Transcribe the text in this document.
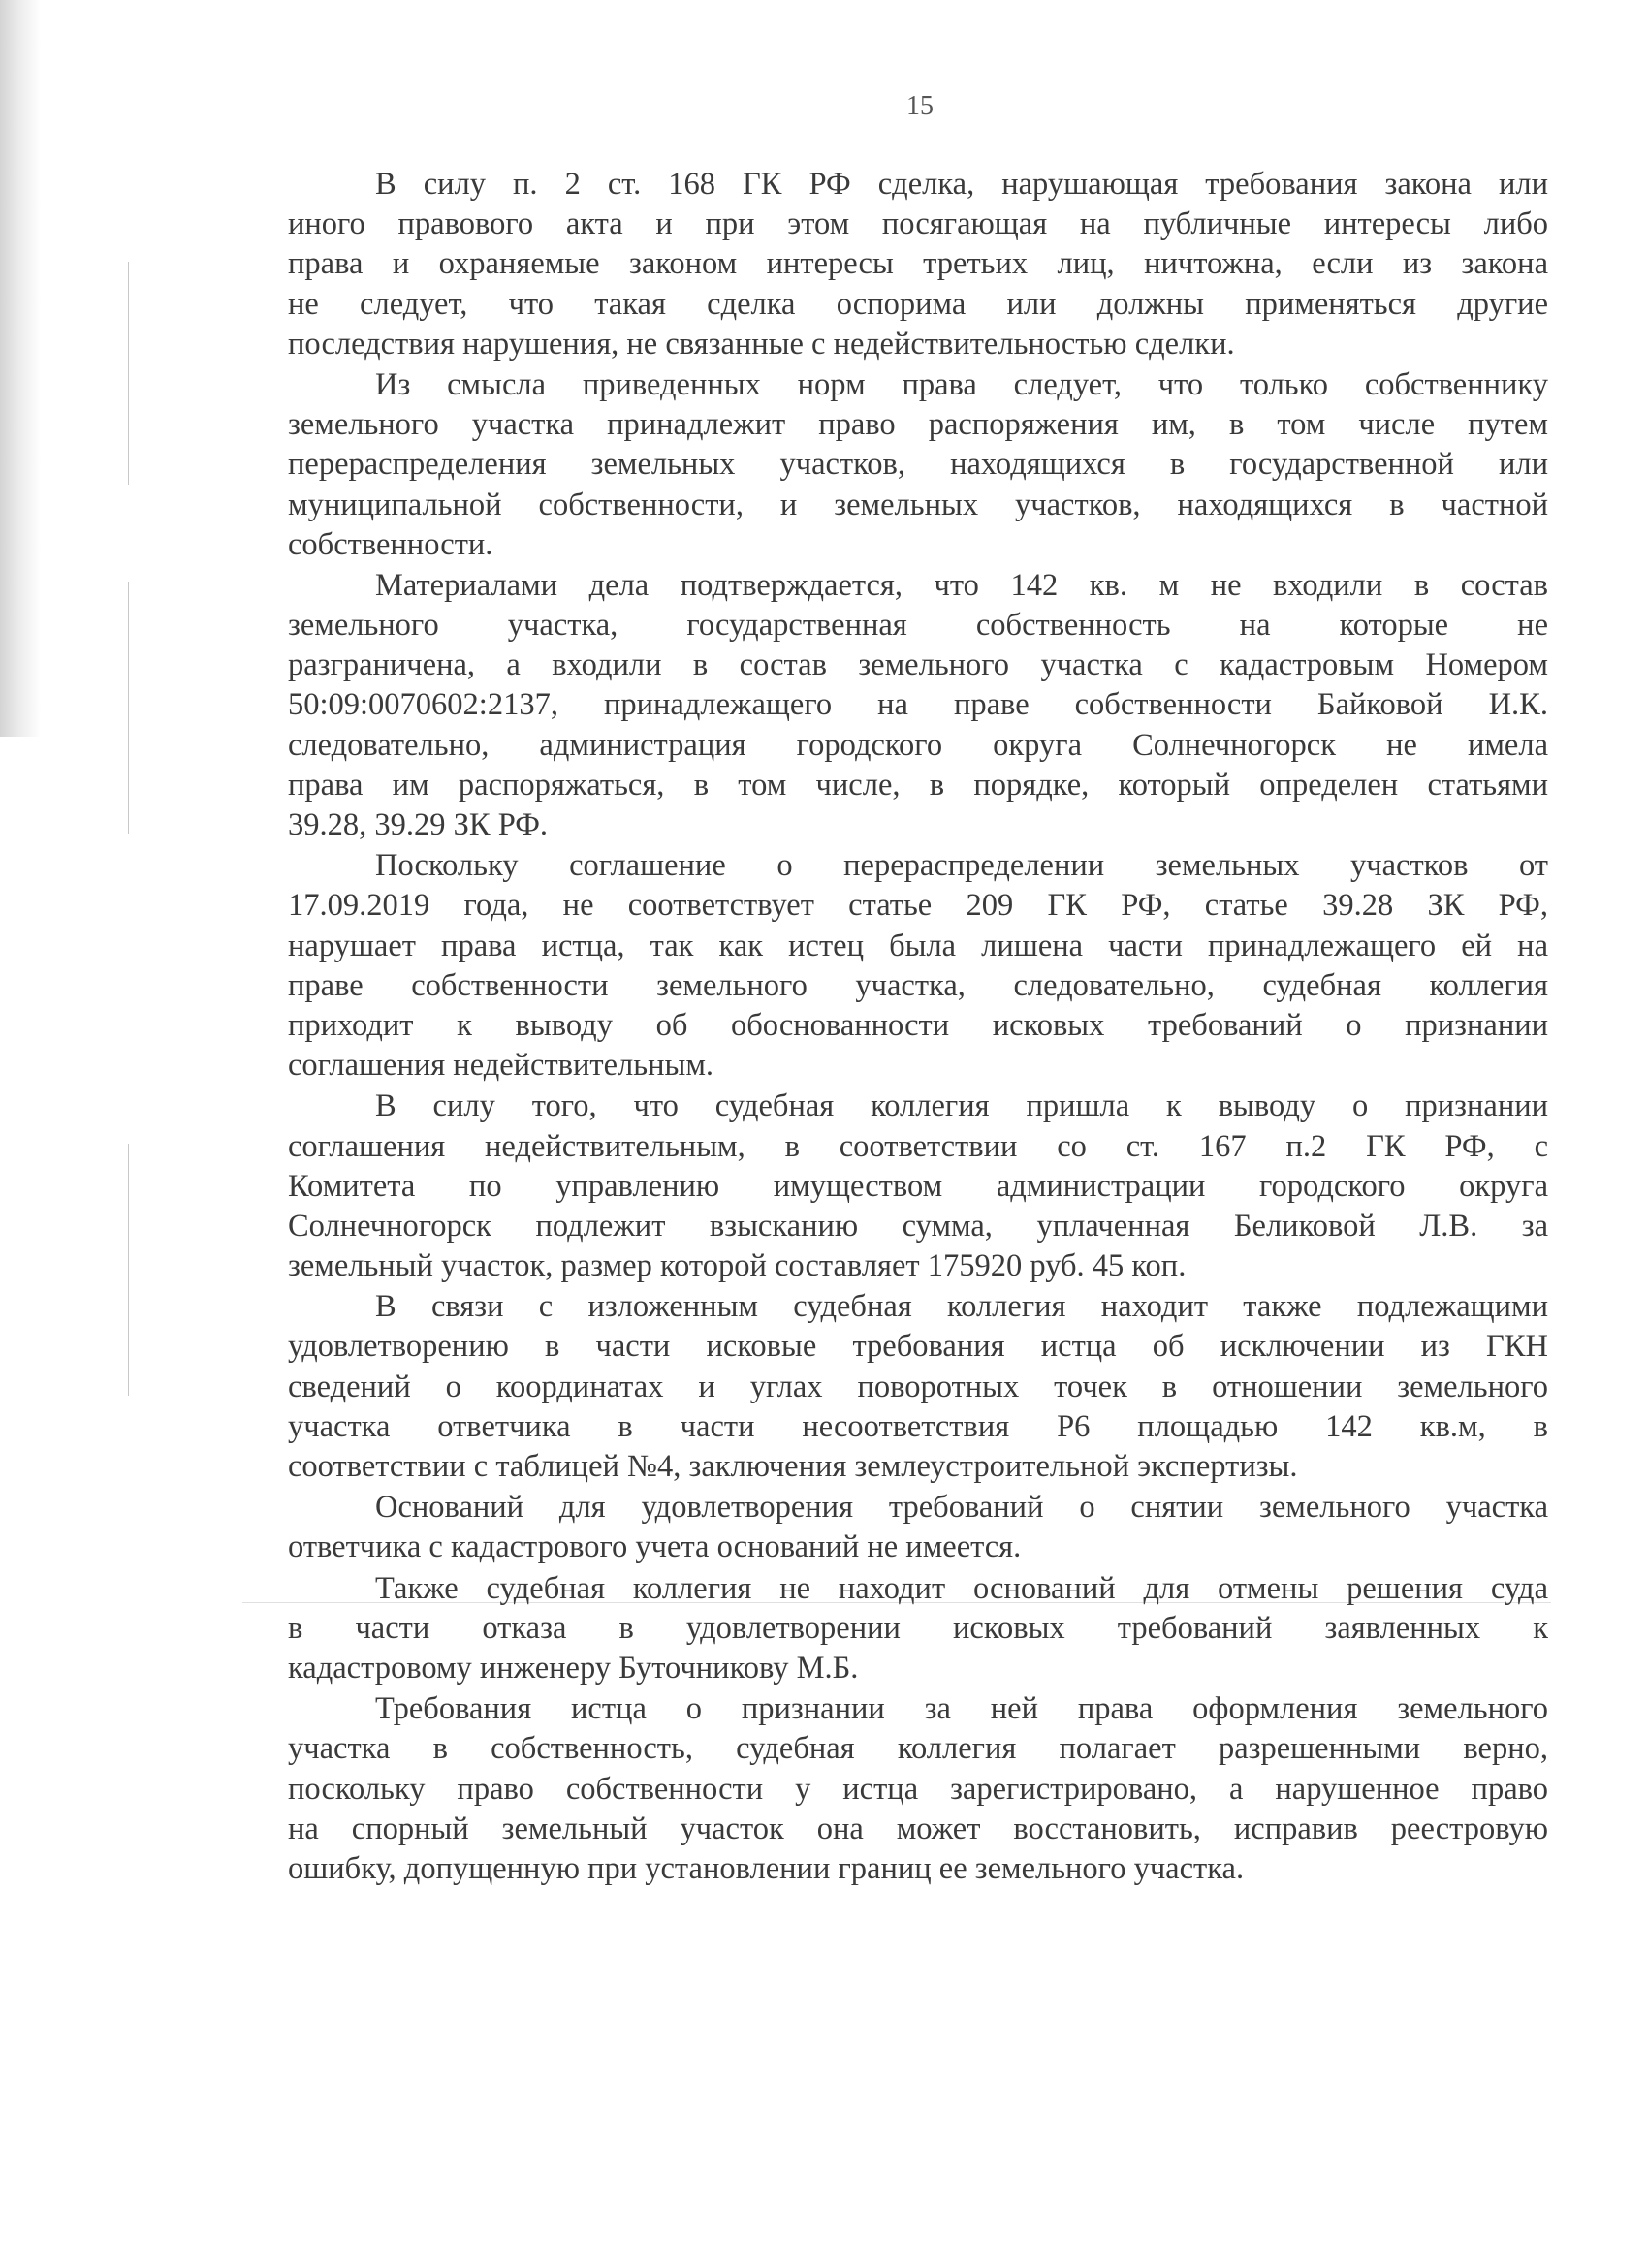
15
В силу п. 2 ст. 168 ГК РФ сделка, нарушающая требования закона или
иного правового акта и при этом посягающая на публичные интересы либо
права и охраняемые законом интересы третьих лиц, ничтожна, если из закона
не следует, что такая сделка оспорима или должны применяться другие
последствия нарушения, не связанные с недействительностью сделки.
Из смысла приведенных норм права следует, что только собственнику
земельного участка принадлежит право распоряжения им, в том числе путем
перераспределения земельных участков, находящихся в государственной или
муниципальной собственности, и земельных участков, находящихся в частной
собственности.
Материалами дела подтверждается, что 142 кв. м не входили в состав
земельного участка, государственная собственность на которые не
разграничена, а входили в состав земельного участка с кадастровым Номером
50:09:0070602:2137, принадлежащего на праве собственности Байковой И.К.
следовательно, администрация городского округа Солнечногорск не имела
права им распоряжаться, в том числе, в порядке, который определен статьями
39.28, 39.29 ЗК РФ.
Поскольку соглашение о перераспределении земельных участков от
17.09.2019 года, не соответствует статье 209 ГК РФ, статье 39.28 ЗК РФ,
нарушает права истца, так как истец была лишена части принадлежащего ей на
праве собственности земельного участка, следовательно, судебная коллегия
приходит к выводу об обоснованности исковых требований о признании
соглашения недействительным.
В силу того, что судебная коллегия пришла к выводу о признании
соглашения недействительным, в соответствии со ст. 167 п.2 ГК РФ, с
Комитета по управлению имуществом администрации городского округа
Солнечногорск подлежит взысканию сумма, уплаченная Беликовой Л.В. за
земельный участок, размер которой составляет 175920 руб. 45 коп.
В связи с изложенным судебная коллегия находит также подлежащими
удовлетворению в части исковые требования истца об исключении из ГКН
сведений о координатах и углах поворотных точек в отношении земельного
участка ответчика в части несоответствия Р6 площадью 142 кв.м, в
соответствии с таблицей №4, заключения землеустроительной экспертизы.
Оснований для удовлетворения требований о снятии земельного участка
ответчика с кадастрового учета оснований не имеется.
Также судебная коллегия не находит оснований для отмены решения суда
в части отказа в удовлетворении исковых требований заявленных к
кадастровому инженеру Буточникову М.Б.
Требования истца о признании за ней права оформления земельного
участка в собственность, судебная коллегия полагает разрешенными верно,
поскольку право собственности у истца зарегистрировано, а нарушенное право
на спорный земельный участок она может восстановить, исправив реестровую
ошибку, допущенную при установлении границ ее земельного участка.
